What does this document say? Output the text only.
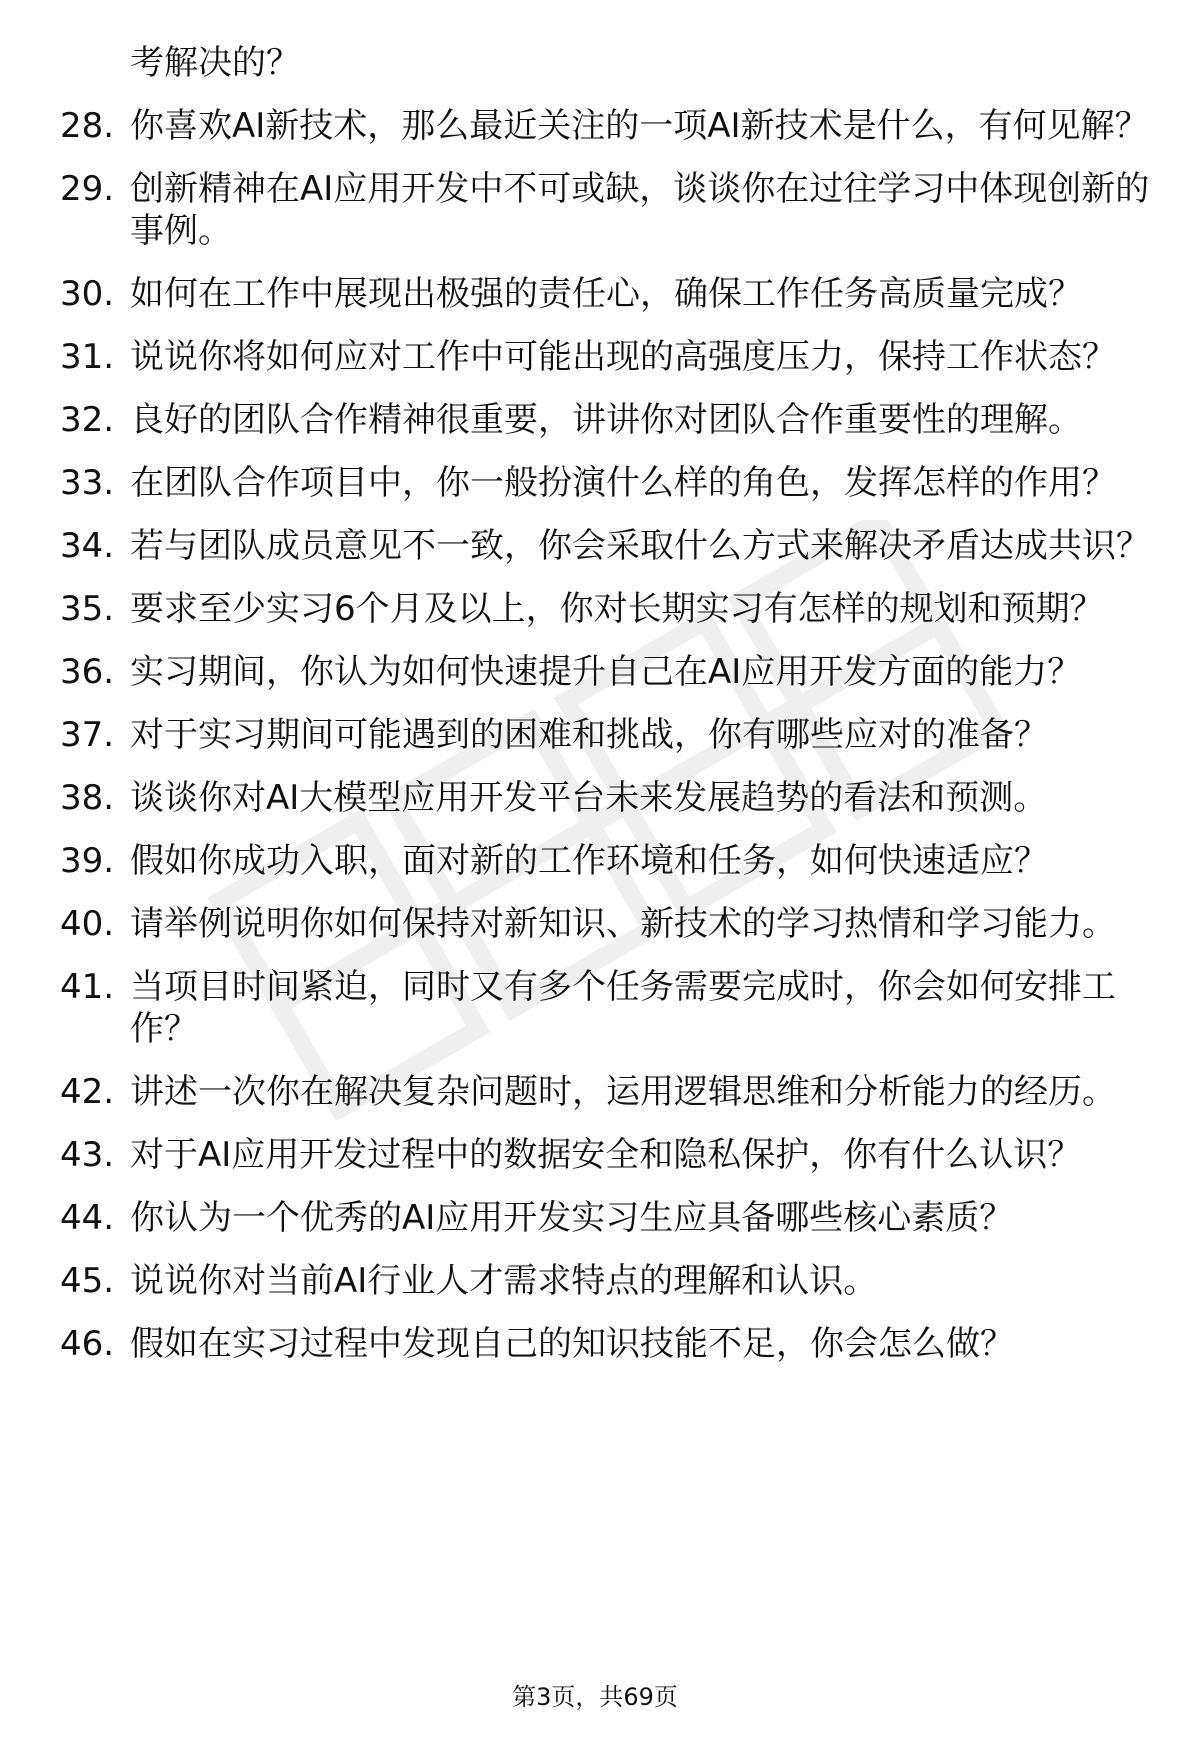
考解决的？
28. 你喜欢AI新技术，那么最近关注的一项AI新技术是什么，有何见解？
29. 创新精神在AI应用开发中不可或缺，谈谈你在过往学习中体现创新的事例。
30. 如何在工作中展现出极强的责任心，确保工作任务高质量完成？
31. 说说你将如何应对工作中可能出现的高强度压力，保持工作状态？
32. 良好的团队合作精神很重要，讲讲你对团队合作重要性的理解。
33. 在团队合作项目中，你一般扮演什么样的角色，发挥怎样的作用？
34. 若与团队成员意见不一致，你会采取什么方式来解决矛盾达成共识？
35. 要求至少实习6个月及以上，你对长期实习有怎样的规划和预期？
36. 实习期间，你认为如何快速提升自己在AI应用开发方面的能力？
37. 对于实习期间可能遇到的困难和挑战，你有哪些应对的准备？
38. 谈谈你对AI大模型应用开发平台未来发展趋势的看法和预测。
39. 假如你成功入职，面对新的工作环境和任务，如何快速适应？
40. 请举例说明你如何保持对新知识、新技术的学习热情和学习能力。
41. 当项目时间紧迫，同时又有多个任务需要完成时，你会如何安排工作？
42. 讲述一次你在解决复杂问题时，运用逻辑思维和分析能力的经历。
43. 对于AI应用开发过程中的数据安全和隐私保护，你有什么认识？
44. 你认为一个优秀的AI应用开发实习生应具备哪些核心素质？
45. 说说你对当前AI行业人才需求特点的理解和认识。
46. 假如在实习过程中发现自己的知识技能不足，你会怎么做？
第3页，共69页
